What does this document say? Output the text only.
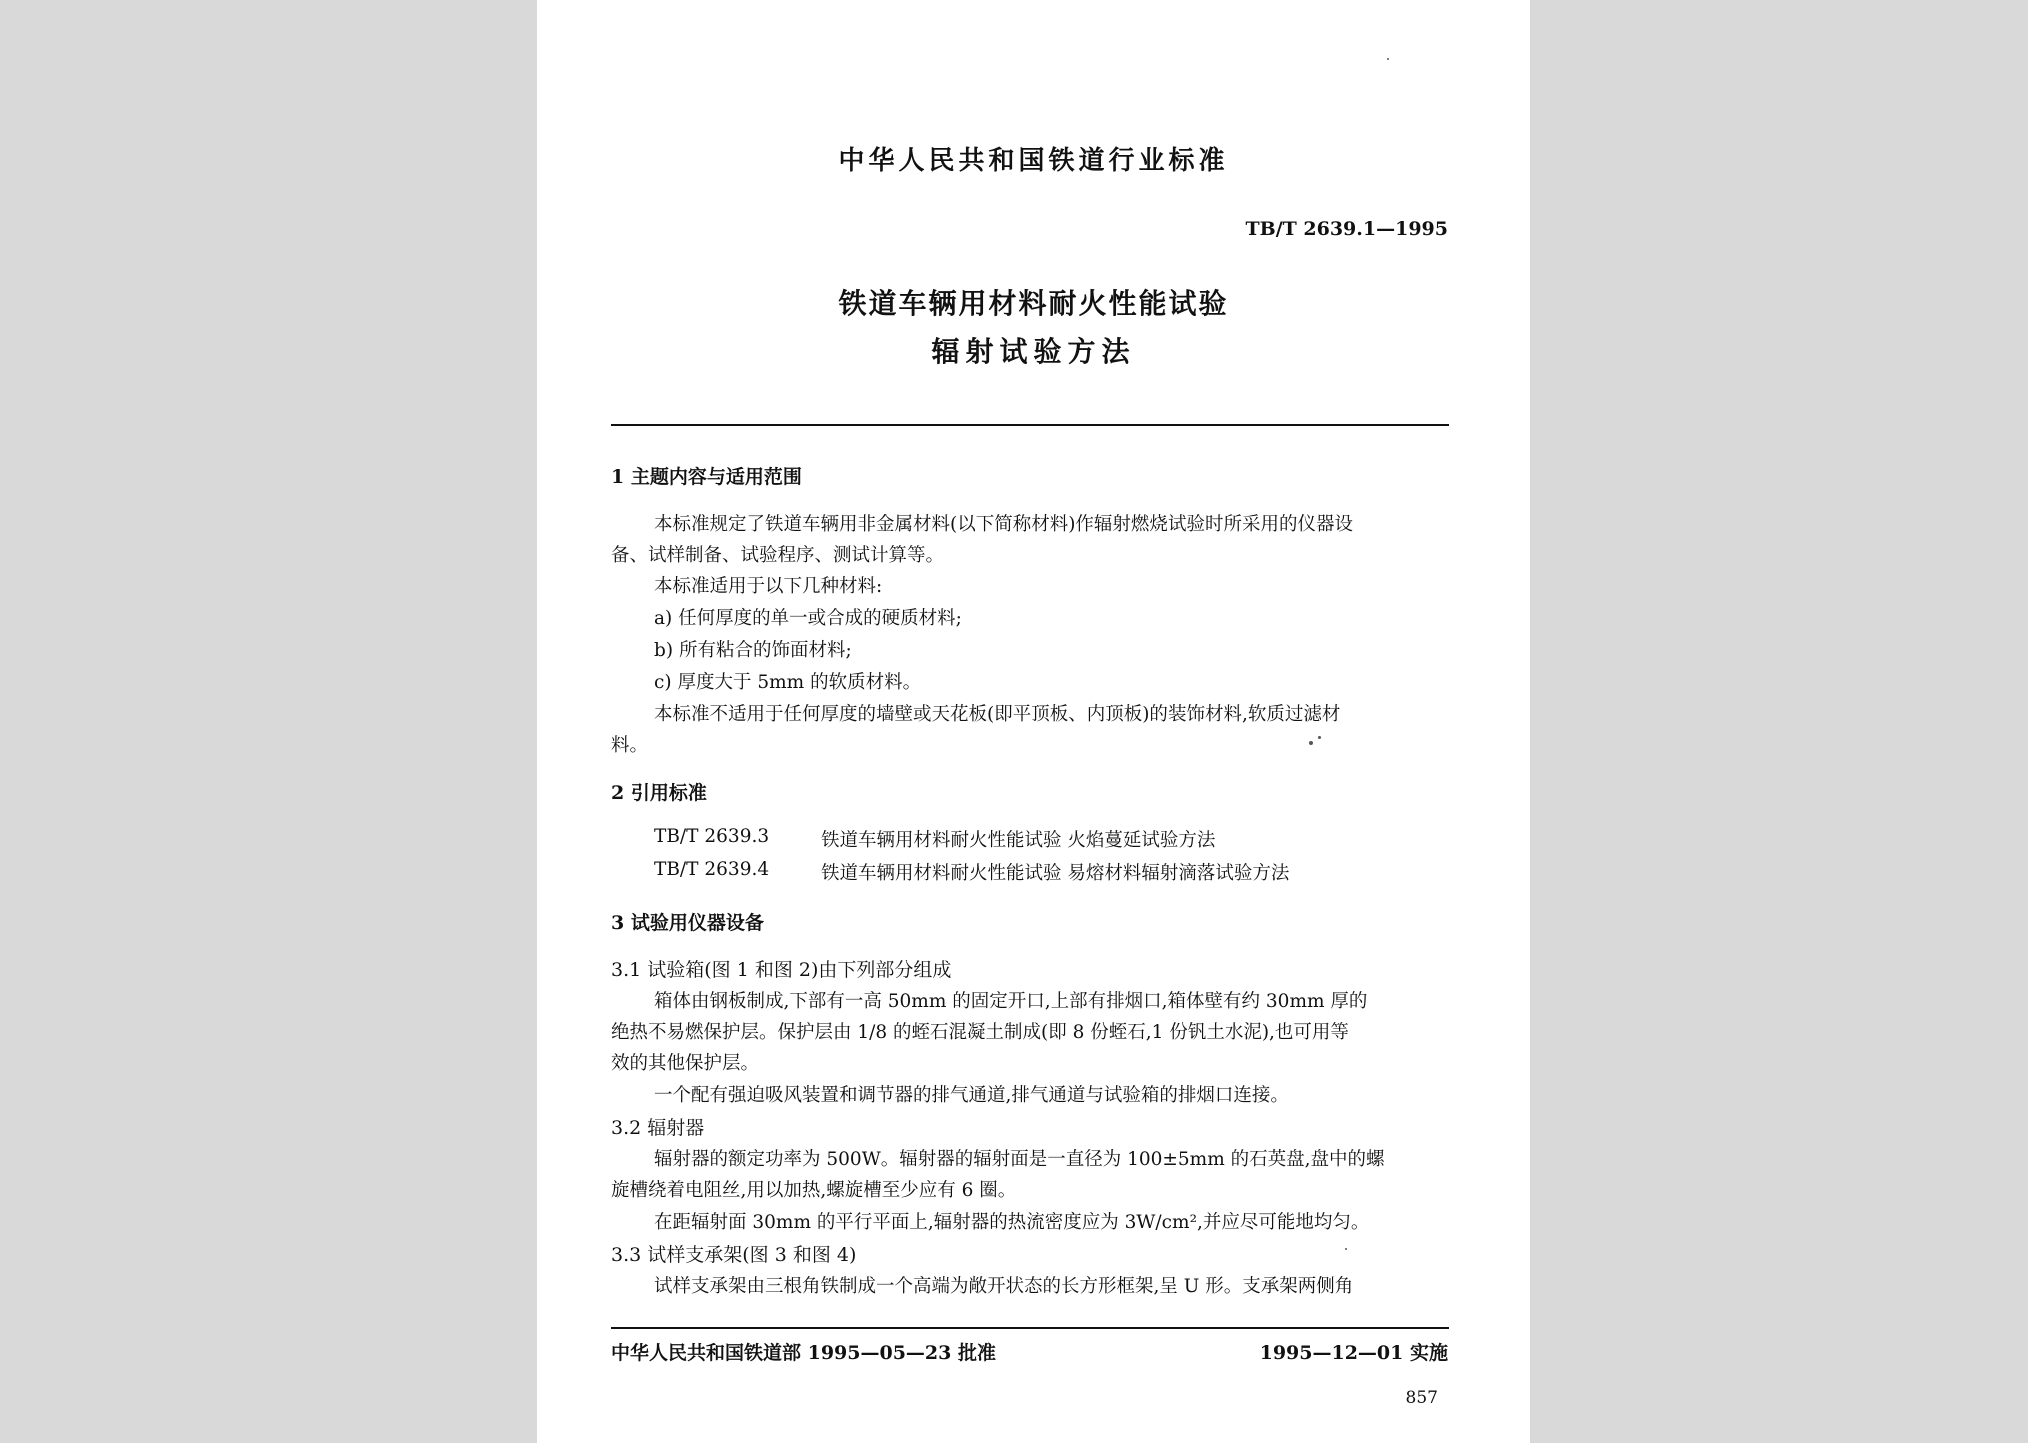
中华人民共和国铁道行业标准
TB/T 2639.1—1995
铁道车辆用材料耐火性能试验
辐射试验方法
1 主题内容与适用范围
本标准规定了铁道车辆用非金属材料(以下简称材料)作辐射燃烧试验时所采用的仪器设
备、试样制备、试验程序、测试计算等。
本标准适用于以下几种材料:
a) 任何厚度的单一或合成的硬质材料;
b) 所有粘合的饰面材料;
c) 厚度大于 5mm 的软质材料。
本标准不适用于任何厚度的墙壁或天花板(即平顶板、内顶板)的装饰材料,软质过滤材
料。
2 引用标准
TB/T 2639.3	铁道车辆用材料耐火性能试验 火焰蔓延试验方法
TB/T 2639.4	铁道车辆用材料耐火性能试验 易熔材料辐射滴落试验方法
3 试验用仪器设备
3.1 试验箱(图 1 和图 2)由下列部分组成
箱体由钢板制成,下部有一高 50mm 的固定开口,上部有排烟口,箱体壁有约 30mm 厚的
绝热不易燃保护层。保护层由 1/8 的蛭石混凝土制成(即 8 份蛭石,1 份钒土水泥),也可用等
效的其他保护层。
一个配有强迫吸风装置和调节器的排气通道,排气通道与试验箱的排烟口连接。
3.2 辐射器
辐射器的额定功率为 500W。辐射器的辐射面是一直径为 100±5mm 的石英盘,盘中的螺
旋槽绕着电阻丝,用以加热,螺旋槽至少应有 6 圈。
在距辐射面 30mm 的平行平面上,辐射器的热流密度应为 3W/cm²,并应尽可能地均匀。
3.3 试样支承架(图 3 和图 4)
试样支承架由三根角铁制成一个高端为敞开状态的长方形框架,呈 U 形。支承架两侧角
中华人民共和国铁道部 1995—05—23 批准	1995—12—01 实施
857
